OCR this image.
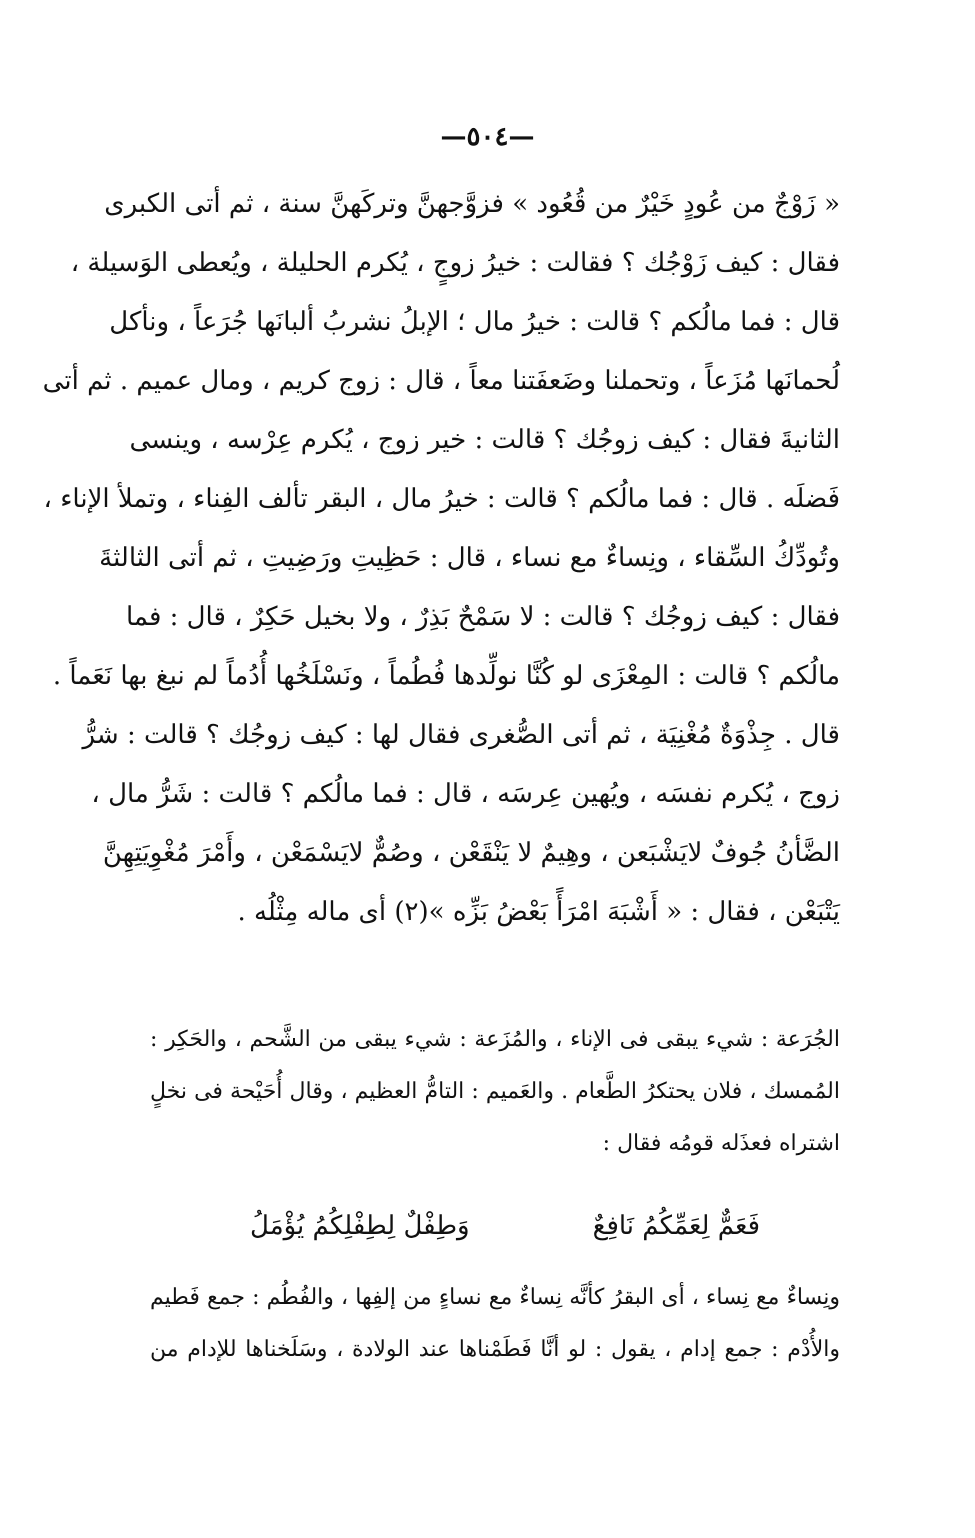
—٥٠٤—
« زَوْجٌ من عُودٍ خَيْرٌ من قُعُود » فزوَّجهنَّ وتركَهنَّ سنة ، ثم أتى الكبرى
فقال : كيف زَوْجُك ؟ فقالت : خيرُ زوجٍ ، يُكرم الحليلة ، ويُعطى الوَسيلة ،
قال : فما مالُكم ؟ قالت : خيرُ مال ؛ الإبلُ نشربُ ألبانَها جُرَعاً ، ونأكل
لُحمانَها مُزَعاً ، وتحملنا وضَعفَتنا معاً ، قال : زوج كريم ، ومال عميم . ثم أتى
الثانيةَ فقال : كيف زوجُك ؟ قالت : خير زوج ، يُكرم عِرْسه ، وينسى
فَضلَه . قال : فما مالُكم ؟ قالت : خيرُ مال ، البقر تألف الفِناء ، وتملأ الإناء ،
وتُودِّكُ السِّقاء ، ونِساءٌ مع نساء ، قال : حَظِيتِ ورَضِيتِ ، ثم أتى الثالثةَ
فقال : كيف زوجُك ؟ قالت : لا سَمْحٌ بَذِرٌ ، ولا بخيل حَكِرٌ ، قال : فما
مالُكم ؟ قالت : المِعْزَى لو كُنَّا نولِّدها فُطُماً ، ونَسْلَخُها أُدُماً لم نبغ بها نَعَماً .
قال . جِذْوَةٌ مُغْنِيَة ، ثم أتى الصُّغرى فقال لها : كيف زوجُك ؟ قالت : شرُّ
زوج ، يُكرم نفسَه ، ويُهين عِرسَه ، قال : فما مالُكم ؟ قالت : شَرُّ مال ،
الضَّأنُ جُوفٌ لايَشْبَعن ، وهِيمٌ لا يَنْقَعْن ، وصُمٌّ لايَسْمَعْن ، وأَمْرَ مُغْوِيَتِهِنَّ
يَتْبَعْن ، فقال : « أَشْبَهَ امْرَأً بَعْضُ بَزِّه »(٢) أى ماله مِثْلُه .
الجُرَعة : شيء يبقى فى الإناء ، والمُزَعة : شيء يبقى من الشَّحم ، والحَكِر :
المُمسك ، فلان يحتكرُ الطَّعام . والعَميم : التامُّ العظيم ، وقال أُحَيْحة فى نخلٍ
اشتراه فعذَله قومُه فقال :
فَعَمٌّ لِعَمِّكُمُ نَافِعٌ
وَطِفْلٌ لِطِفْلِكُمُ يُؤْمَلُ
ونِساءٌ مع نِساء ، أى البقرُ كأنَّه نِساءٌ مع نساءٍ من إلفِها ، والفُطُم : جمع فَطيم
والأُدْم : جمع إدام ، يقول : لو أنَّا فَطَمْناها عند الولادة ، وسَلَخناها للإدام من
